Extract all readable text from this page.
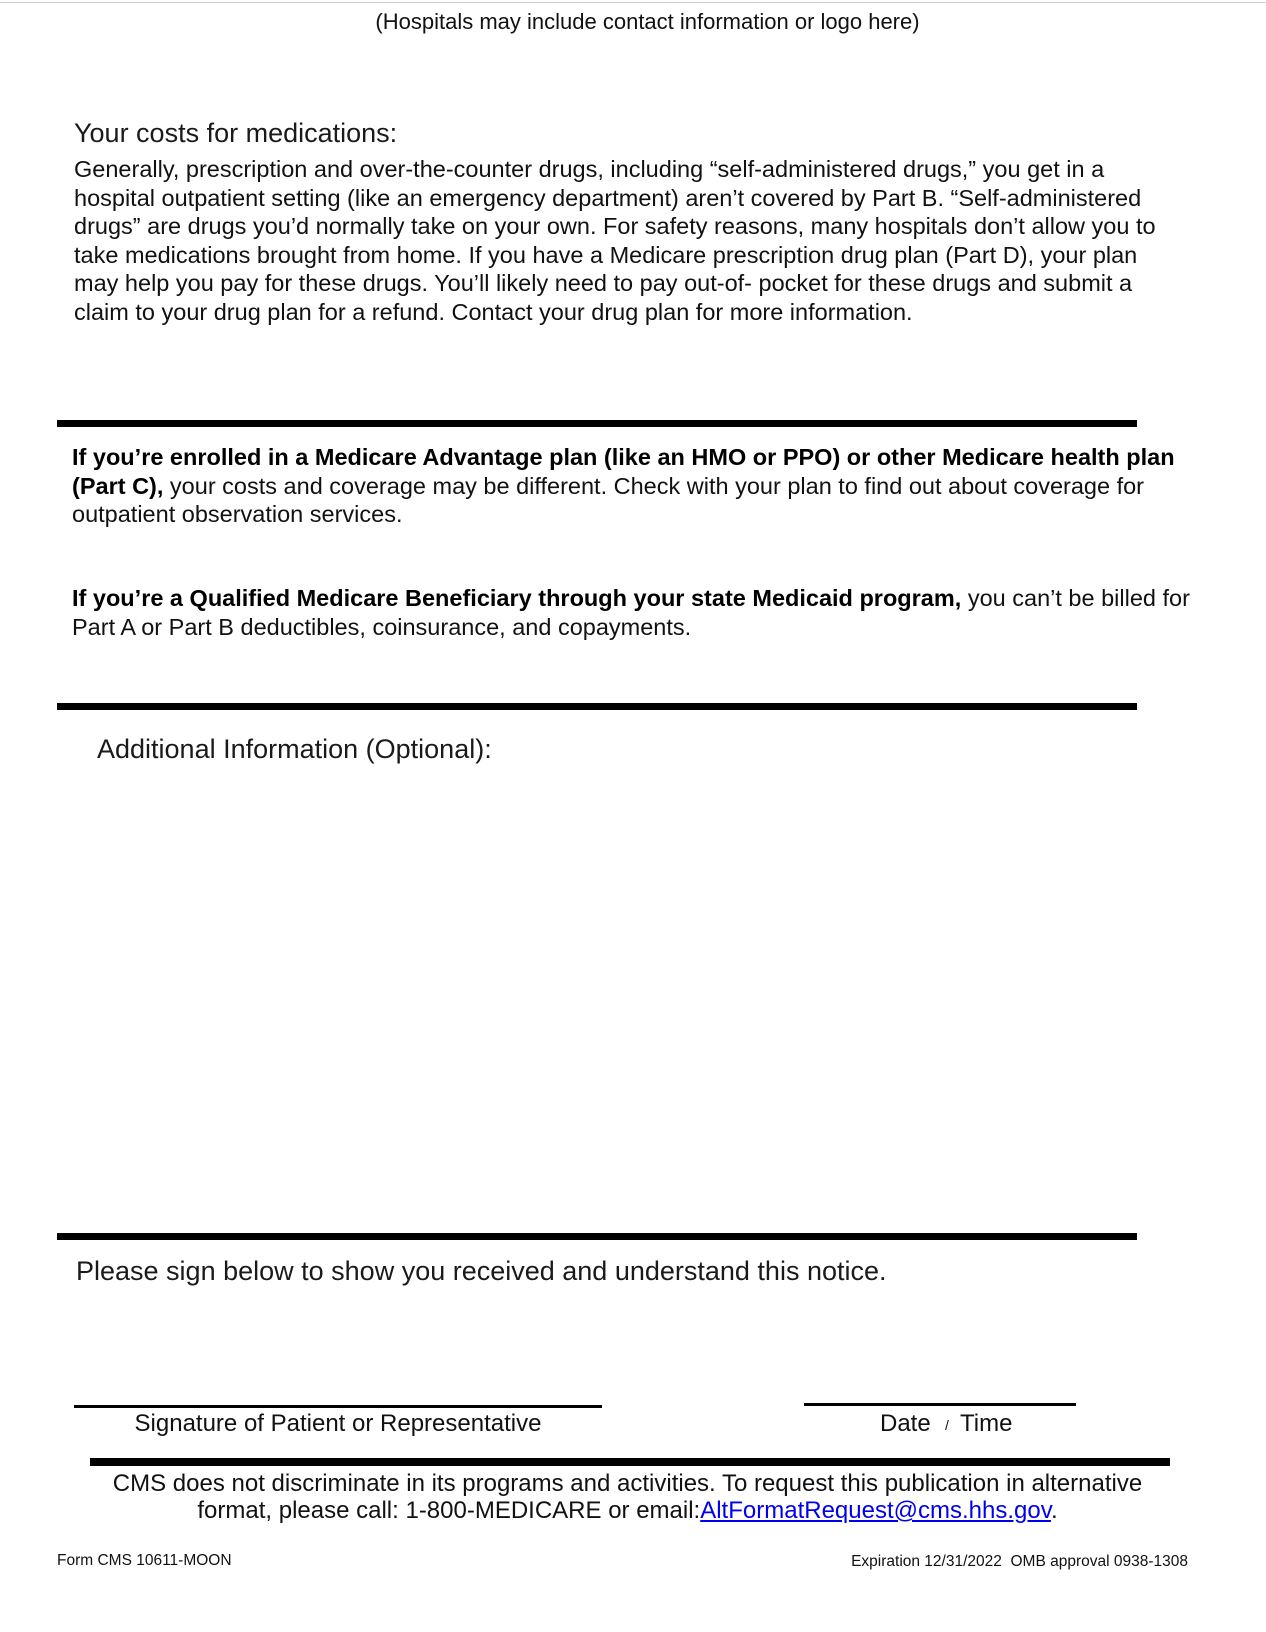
(Hospitals may include contact information or logo here)
Your costs for medications:
Generally, prescription and over-the-counter drugs, including “self-administered drugs,” you get in a hospital outpatient setting (like an emergency department) aren’t covered by Part B. “Self-administered drugs” are drugs you’d normally take on your own. For safety reasons, many hospitals don’t allow you to take medications brought from home. If you have a Medicare prescription drug plan (Part D), your plan may help you pay for these drugs. You’ll likely need to pay out-of- pocket for these drugs and submit a claim to your drug plan for a refund. Contact your drug plan for more information.
If you’re enrolled in a Medicare Advantage plan (like an HMO or PPO) or other Medicare health plan (Part C), your costs and coverage may be different. Check with your plan to find out about coverage for outpatient observation services.
If you’re a Qualified Medicare Beneficiary through your state Medicaid program, you can’t be billed for Part A or Part B deductibles, coinsurance, and copayments.
Additional Information (Optional):
Please sign below to show you received and understand this notice.
Signature of Patient or Representative	Date / Time
CMS does not discriminate in its programs and activities. To request this publication in alternative format, please call: 1-800-MEDICARE or email:AltFormatRequest@cms.hhs.gov.
Form CMS 10611-MOON	Expiration 12/31/2022  OMB approval 0938-1308
